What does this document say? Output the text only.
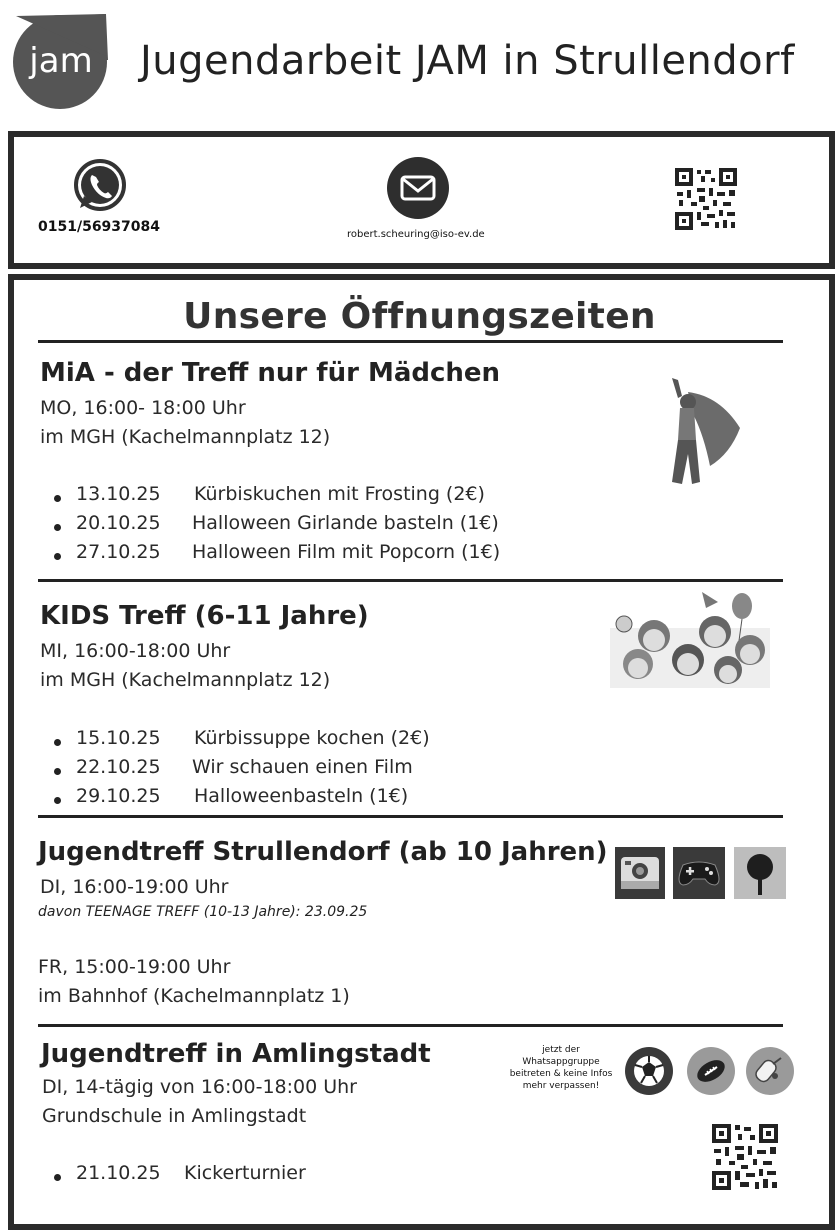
jam Jugendarbeit JAM in Strullendorf
0151/56937084	robert.scheuring@iso-ev.de
Unsere Öffnungszeiten
MiA - der Treff nur für Mädchen
MO, 16:00- 18:00 Uhr
im MGH (Kachelmannplatz 12)
13.10.25 Kürbiskuchen mit Frosting (2€)
20.10.25 Halloween Girlande basteln (1€)
27.10.25 Halloween Film mit Popcorn (1€)
KIDS Treff (6-11 Jahre)
MI, 16:00-18:00 Uhr
im MGH (Kachelmannplatz 12)
15.10.25 Kürbissuppe kochen (2€)
22.10.25 Wir schauen einen Film
29.10.25 Halloweenbasteln (1€)
Jugendtreff Strullendorf (ab 10 Jahren)
DI, 16:00-19:00 Uhr
davon TEENAGE TREFF (10-13 Jahre): 23.09.25
FR, 15:00-19:00 Uhr
im Bahnhof (Kachelmannplatz 1)
Jugendtreff in Amlingstadt
DI, 14-tägig von 16:00-18:00 Uhr
Grundschule in Amlingstadt
21.10.25 Kickerturnier
jetzt der
Whatsappgruppe
beitreten & keine Infos
mehr verpassen!
